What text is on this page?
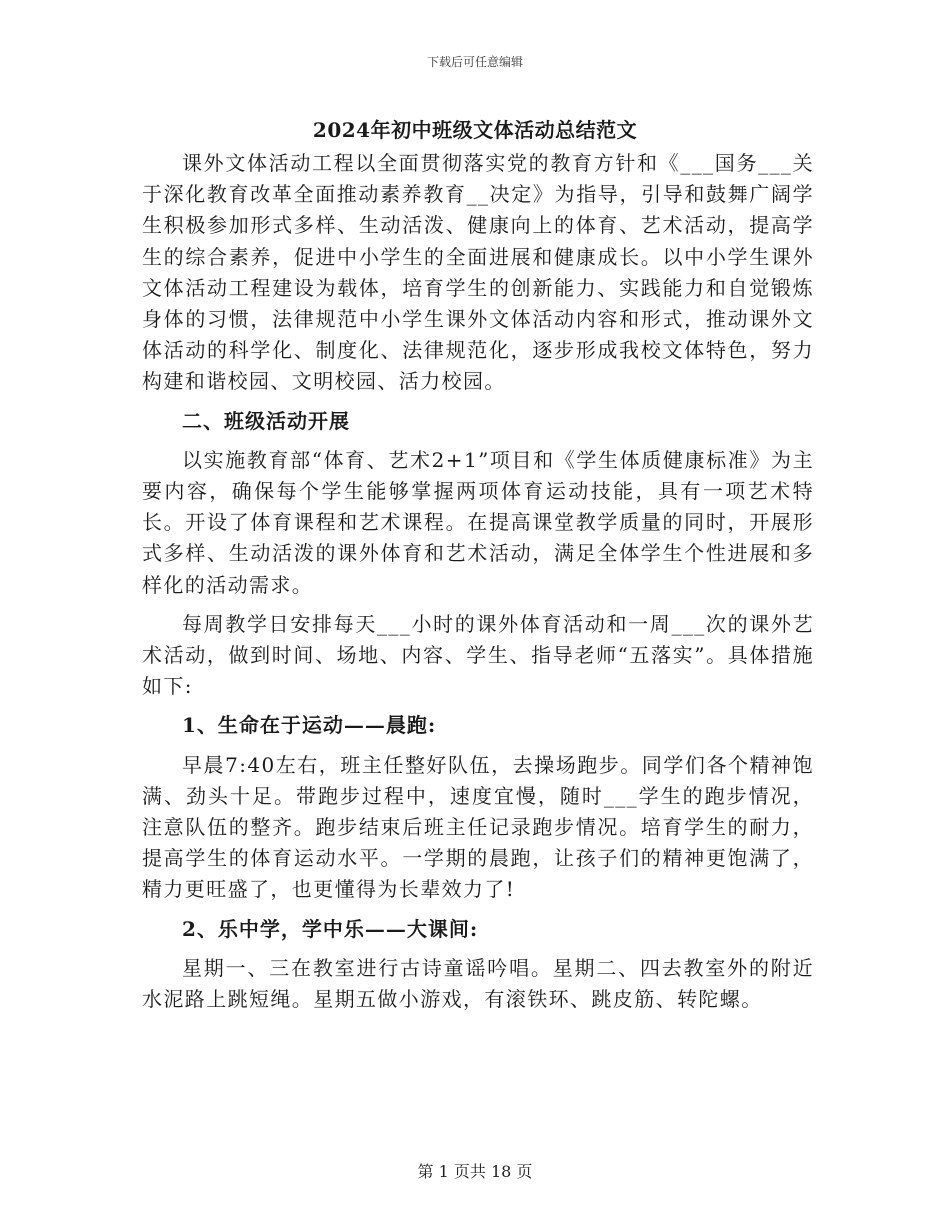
下载后可任意编辑
2024年初中班级文体活动总结范文

课外文体活动工程以全面贯彻落实党的教育方针和《___国务___关于深化教育改革全面推动素养教育__决定》为指导，引导和鼓舞广阔学生积极参加形式多样、生动活泼、健康向上的体育、艺术活动，提高学生的综合素养，促进中小学生的全面进展和健康成长。以中小学生课外文体活动工程建设为载体，培育学生的创新能力、实践能力和自觉锻炼身体的习惯，法律规范中小学生课外文体活动内容和形式，推动课外文体活动的科学化、制度化、法律规范化，逐步形成我校文体特色，努力构建和谐校园、文明校园、活力校园。

二、班级活动开展

以实施教育部“体育、艺术2+1”项目和《学生体质健康标准》为主要内容，确保每个学生能够掌握两项体育运动技能，具有一项艺术特长。开设了体育课程和艺术课程。在提高课堂教学质量的同时，开展形式多样、生动活泼的课外体育和艺术活动，满足全体学生个性进展和多样化的活动需求。

每周教学日安排每天___小时的课外体育活动和一周___次的课外艺术活动，做到时间、场地、内容、学生、指导老师“五落实”。具体措施如下:

1、生命在于运动——晨跑:

早晨7:40左右，班主任整好队伍，去操场跑步。同学们各个精神饱满、劲头十足。带跑步过程中，速度宜慢，随时___学生的跑步情况，注意队伍的整齐。跑步结束后班主任记录跑步情况。培育学生的耐力，提高学生的体育运动水平。一学期的晨跑，让孩子们的精神更饱满了，精力更旺盛了，也更懂得为长辈效力了!

2、乐中学，学中乐——大课间:

星期一、三在教室进行古诗童谣吟唱。星期二、四去教室外的附近水泥路上跳短绳。星期五做小游戏，有滚铁环、跳皮筋、转陀螺。

第 1 页共 18 页
